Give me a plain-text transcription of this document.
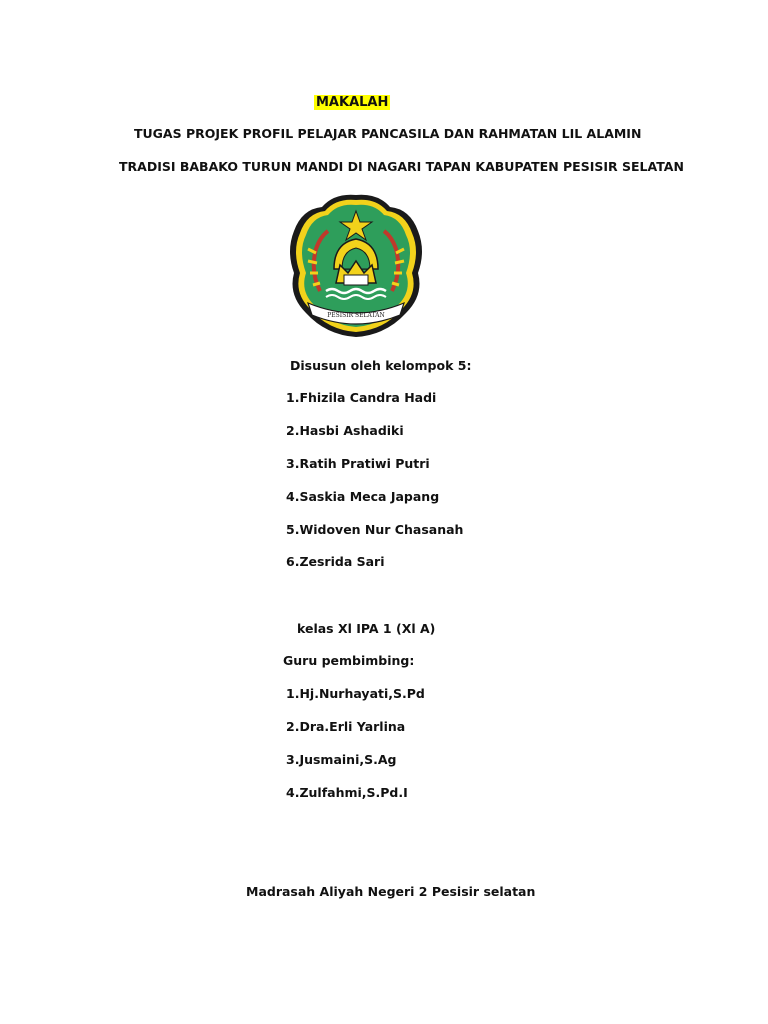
MAKALAH
TUGAS PROJEK PROFIL PELAJAR PANCASILA DAN RAHMATAN LIL ALAMIN
TRADISI BABAKO TURUN MANDI DI NAGARI TAPAN KABUPATEN PESISIR SELATAN
PESISIR SELATAN
Disusun oleh kelompok 5:
1.Fhizila Candra Hadi
2.Hasbi Ashadiki
3.Ratih Pratiwi Putri
4.Saskia Meca Japang
5.Widoven Nur Chasanah
6.Zesrida Sari
kelas Xl IPA 1 (Xl A)
Guru pembimbing:
1.Hj.Nurhayati,S.Pd
2.Dra.Erli Yarlina
3.Jusmaini,S.Ag
4.Zulfahmi,S.Pd.I
Madrasah Aliyah Negeri 2 Pesisir selatan
